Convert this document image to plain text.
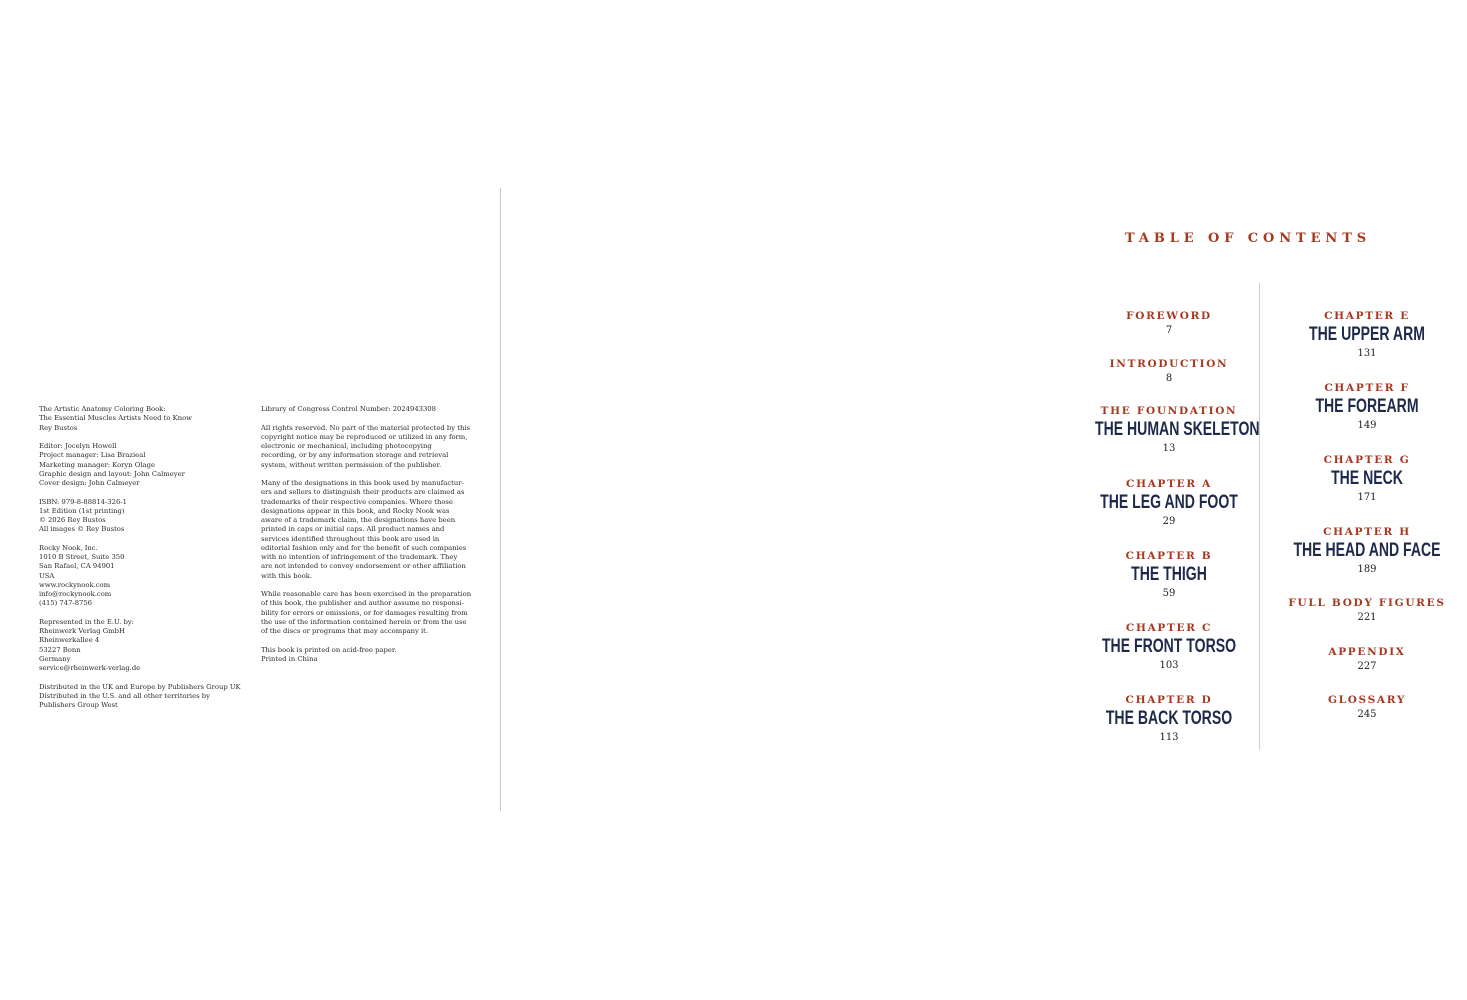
The Artistic Anatomy Coloring Book:
The Essential Muscles Artists Need to Know
Rey Bustos
Editor: Jocelyn Howell
Project manager: Lisa Brazieal
Marketing manager: Koryn Olage
Graphic design and layout: John Calmeyer
Cover design: John Calmeyer
ISBN: 979-8-88814-326-1
1st Edition (1st printing)
© 2026 Rey Bustos
All images © Rey Bustos
Rocky Nook, Inc.
1010 B Street, Suite 350
San Rafael, CA 94901
USA
www.rockynook.com
info@rockynook.com
(415) 747-8756
Represented in the E.U. by:
Rheinwerk Verlag GmbH
Rheinwerkallee 4
53227 Bonn
Germany
service@rheinwerk-verlag.de
Distributed in the UK and Europe by Publishers Group UK
Distributed in the U.S. and all other territories by
Publishers Group West
Library of Congress Control Number: 2024943308
All rights reserved. No part of the material protected by this
copyright notice may be reproduced or utilized in any form,
electronic or mechanical, including photocopying
recording, or by any information storage and retrieval
system, without written permission of the publisher.
Many of the designations in this book used by manufactur-
ers and sellers to distinguish their products are claimed as
trademarks of their respective companies. Where those
designations appear in this book, and Rocky Nook was
aware of a trademark claim, the designations have been
printed in caps or initial caps. All product names and
services identified throughout this book are used in
editorial fashion only and for the benefit of such companies
with no intention of infringement of the trademark. They
are not intended to convey endorsement or other affiliation
with this book.
While reasonable care has been exercised in the preparation
of this book, the publisher and author assume no responsi-
bility for errors or omissions, or for damages resulting from
the use of the information contained herein or from the use
of the discs or programs that may accompany it.
This book is printed on acid-free paper.
Printed in China
TABLE OF CONTENTS
FOREWORD
7
INTRODUCTION
8
THE FOUNDATION
THE HUMAN SKELETON
13
CHAPTER A
THE LEG AND FOOT
29
CHAPTER B
THE THIGH
59
CHAPTER C
THE FRONT TORSO
103
CHAPTER D
THE BACK TORSO
113
CHAPTER E
THE UPPER ARM
131
CHAPTER F
THE FOREARM
149
CHAPTER G
THE NECK
171
CHAPTER H
THE HEAD AND FACE
189
FULL BODY FIGURES
221
APPENDIX
227
GLOSSARY
245
